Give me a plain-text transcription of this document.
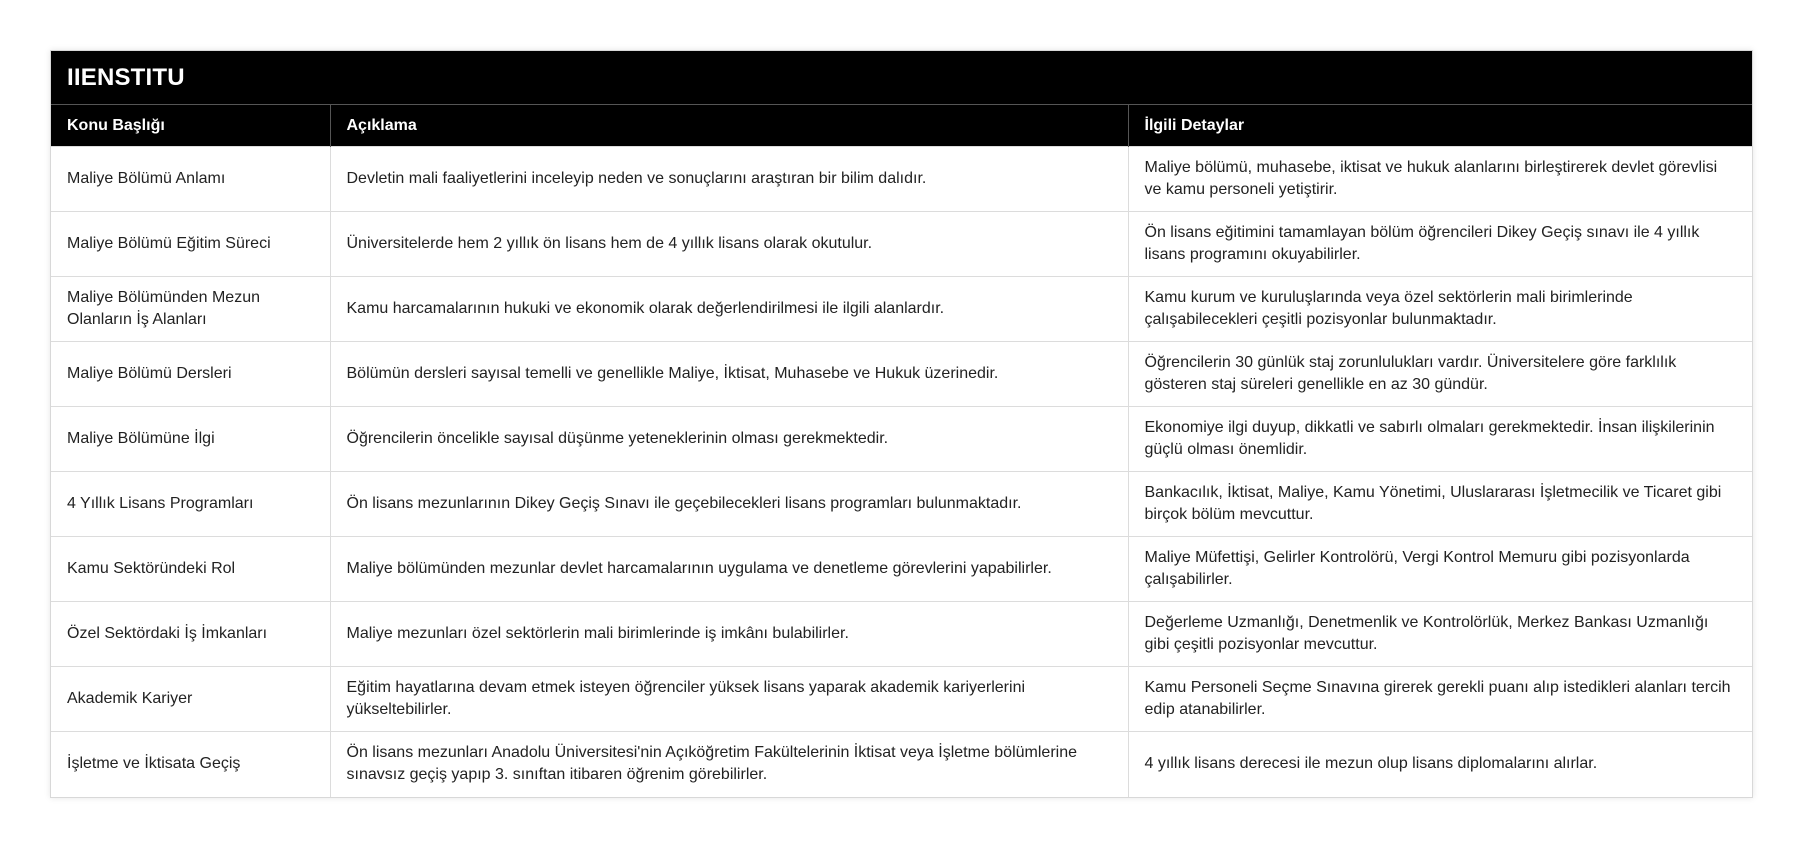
IIENSTITU
Konu Başlığı	Açıklama	İlgili Detaylar
Maliye Bölümü Anlamı	Devletin mali faaliyetlerini inceleyip neden ve sonuçlarını araştıran bir bilim dalıdır.	Maliye bölümü, muhasebe, iktisat ve hukuk alanlarını birleştirerek devlet görevlisi ve kamu personeli yetiştirir.
Maliye Bölümü Eğitim Süreci	Üniversitelerde hem 2 yıllık ön lisans hem de 4 yıllık lisans olarak okutulur.	Ön lisans eğitimini tamamlayan bölüm öğrencileri Dikey Geçiş sınavı ile 4 yıllık lisans programını okuyabilirler.
Maliye Bölümünden Mezun Olanların İş Alanları	Kamu harcamalarının hukuki ve ekonomik olarak değerlendirilmesi ile ilgili alanlardır.	Kamu kurum ve kuruluşlarında veya özel sektörlerin mali birimlerinde çalışabilecekleri çeşitli pozisyonlar bulunmaktadır.
Maliye Bölümü Dersleri	Bölümün dersleri sayısal temelli ve genellikle Maliye, İktisat, Muhasebe ve Hukuk üzerinedir.	Öğrencilerin 30 günlük staj zorunlulukları vardır. Üniversitelere göre farklılık gösteren staj süreleri genellikle en az 30 gündür.
Maliye Bölümüne İlgi	Öğrencilerin öncelikle sayısal düşünme yeteneklerinin olması gerekmektedir.	Ekonomiye ilgi duyup, dikkatli ve sabırlı olmaları gerekmektedir. İnsan ilişkilerinin güçlü olması önemlidir.
4 Yıllık Lisans Programları	Ön lisans mezunlarının Dikey Geçiş Sınavı ile geçebilecekleri lisans programları bulunmaktadır.	Bankacılık, İktisat, Maliye, Kamu Yönetimi, Uluslararası İşletmecilik ve Ticaret gibi birçok bölüm mevcuttur.
Kamu Sektöründeki Rol	Maliye bölümünden mezunlar devlet harcamalarının uygulama ve denetleme görevlerini yapabilirler.	Maliye Müfettişi, Gelirler Kontrolörü, Vergi Kontrol Memuru gibi pozisyonlarda çalışabilirler.
Özel Sektördaki İş İmkanları	Maliye mezunları özel sektörlerin mali birimlerinde iş imkânı bulabilirler.	Değerleme Uzmanlığı, Denetmenlik ve Kontrolörlük, Merkez Bankası Uzmanlığı gibi çeşitli pozisyonlar mevcuttur.
Akademik Kariyer	Eğitim hayatlarına devam etmek isteyen öğrenciler yüksek lisans yaparak akademik kariyerlerini yükseltebilirler.	Kamu Personeli Seçme Sınavına girerek gerekli puanı alıp istedikleri alanları tercih edip atanabilirler.
İşletme ve İktisata Geçiş	Ön lisans mezunları Anadolu Üniversitesi'nin Açıköğretim Fakültelerinin İktisat veya İşletme bölümlerine sınavsız geçiş yapıp 3. sınıftan itibaren öğrenim görebilirler.	4 yıllık lisans derecesi ile mezun olup lisans diplomalarını alırlar.
